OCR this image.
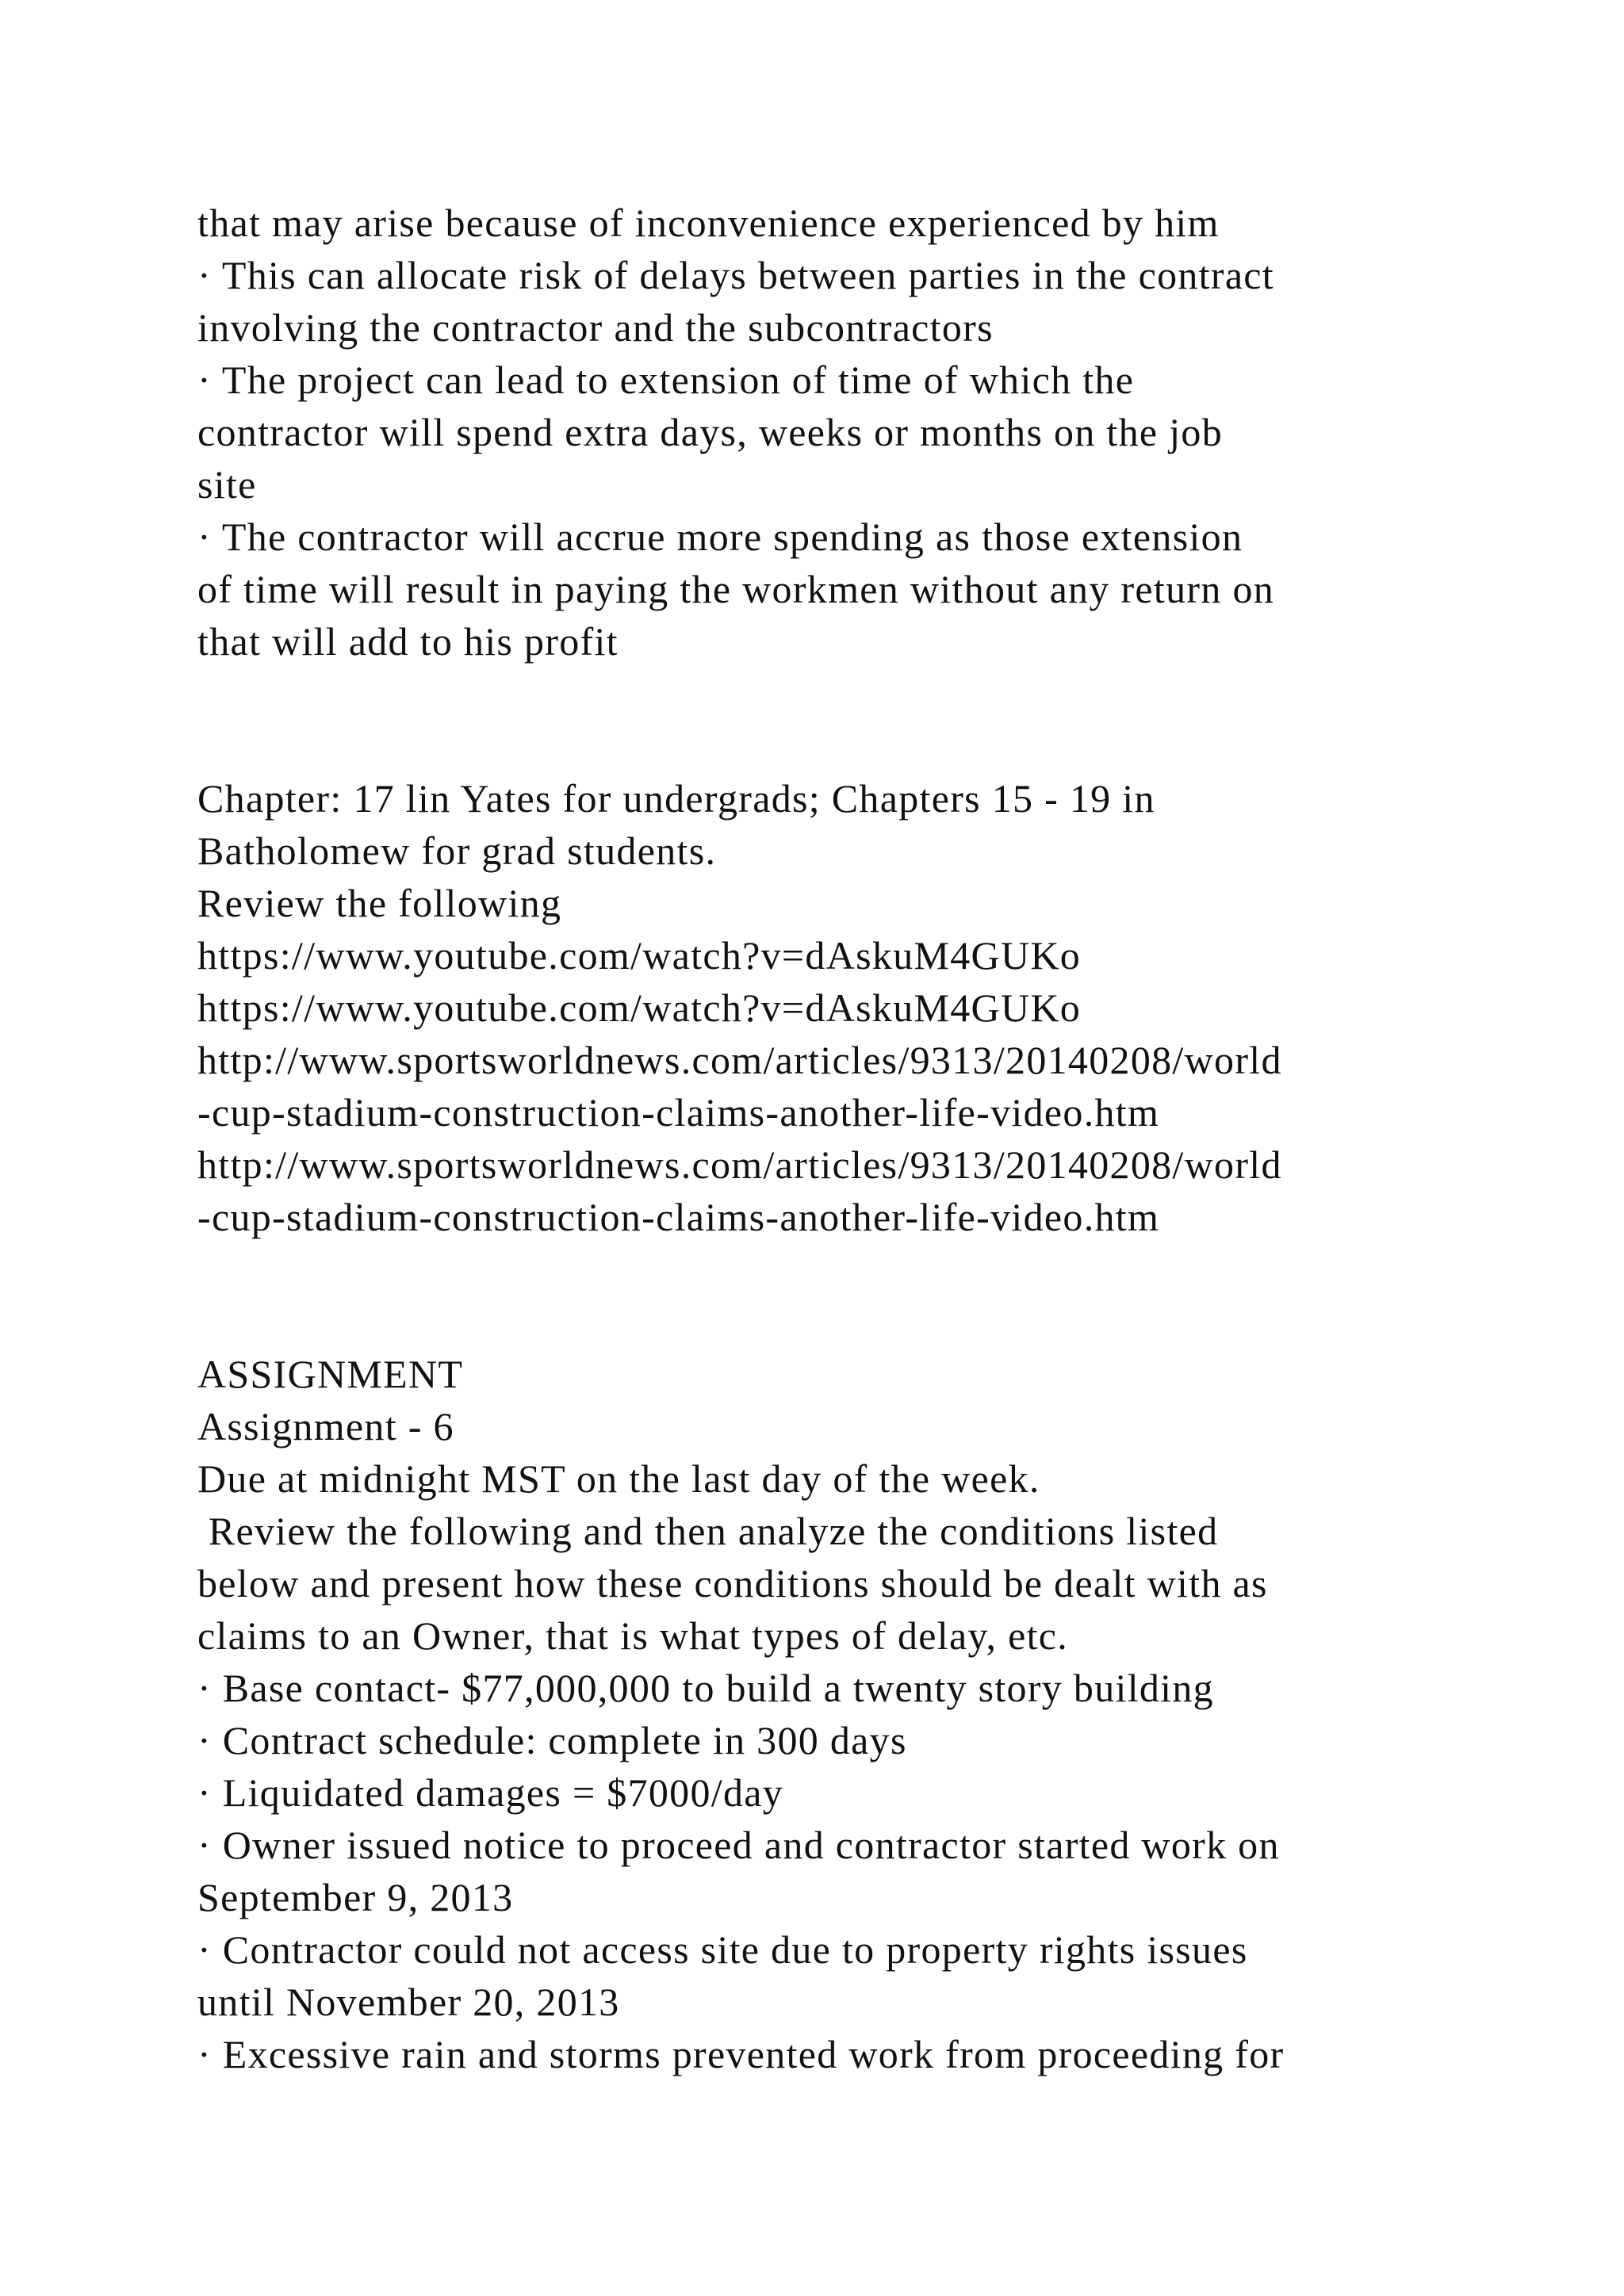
that may arise because of inconvenience experienced by him
· This can allocate risk of delays between parties in the contract
involving the contractor and the subcontractors
· The project can lead to extension of time of which the
contractor will spend extra days, weeks or months on the job
site
· The contractor will accrue more spending as those extension
of time will result in paying the workmen without any return on
that will add to his profit
Chapter: 17 lin Yates for undergrads; Chapters 15 - 19 in
Batholomew for grad students.
Review the following
https://www.youtube.com/watch?v=dAskuM4GUKo
https://www.youtube.com/watch?v=dAskuM4GUKo
http://www.sportsworldnews.com/articles/9313/20140208/world
-cup-stadium-construction-claims-another-life-video.htm
http://www.sportsworldnews.com/articles/9313/20140208/world
-cup-stadium-construction-claims-another-life-video.htm
ASSIGNMENT
Assignment - 6
Due at midnight MST on the last day of the week.
Review the following and then analyze the conditions listed
below and present how these conditions should be dealt with as
claims to an Owner, that is what types of delay, etc.
· Base contact- $77,000,000 to build a twenty story building
· Contract schedule: complete in 300 days
· Liquidated damages = $7000/day
· Owner issued notice to proceed and contractor started work on
September 9, 2013
· Contractor could not access site due to property rights issues
until November 20, 2013
· Excessive rain and storms prevented work from proceeding for
